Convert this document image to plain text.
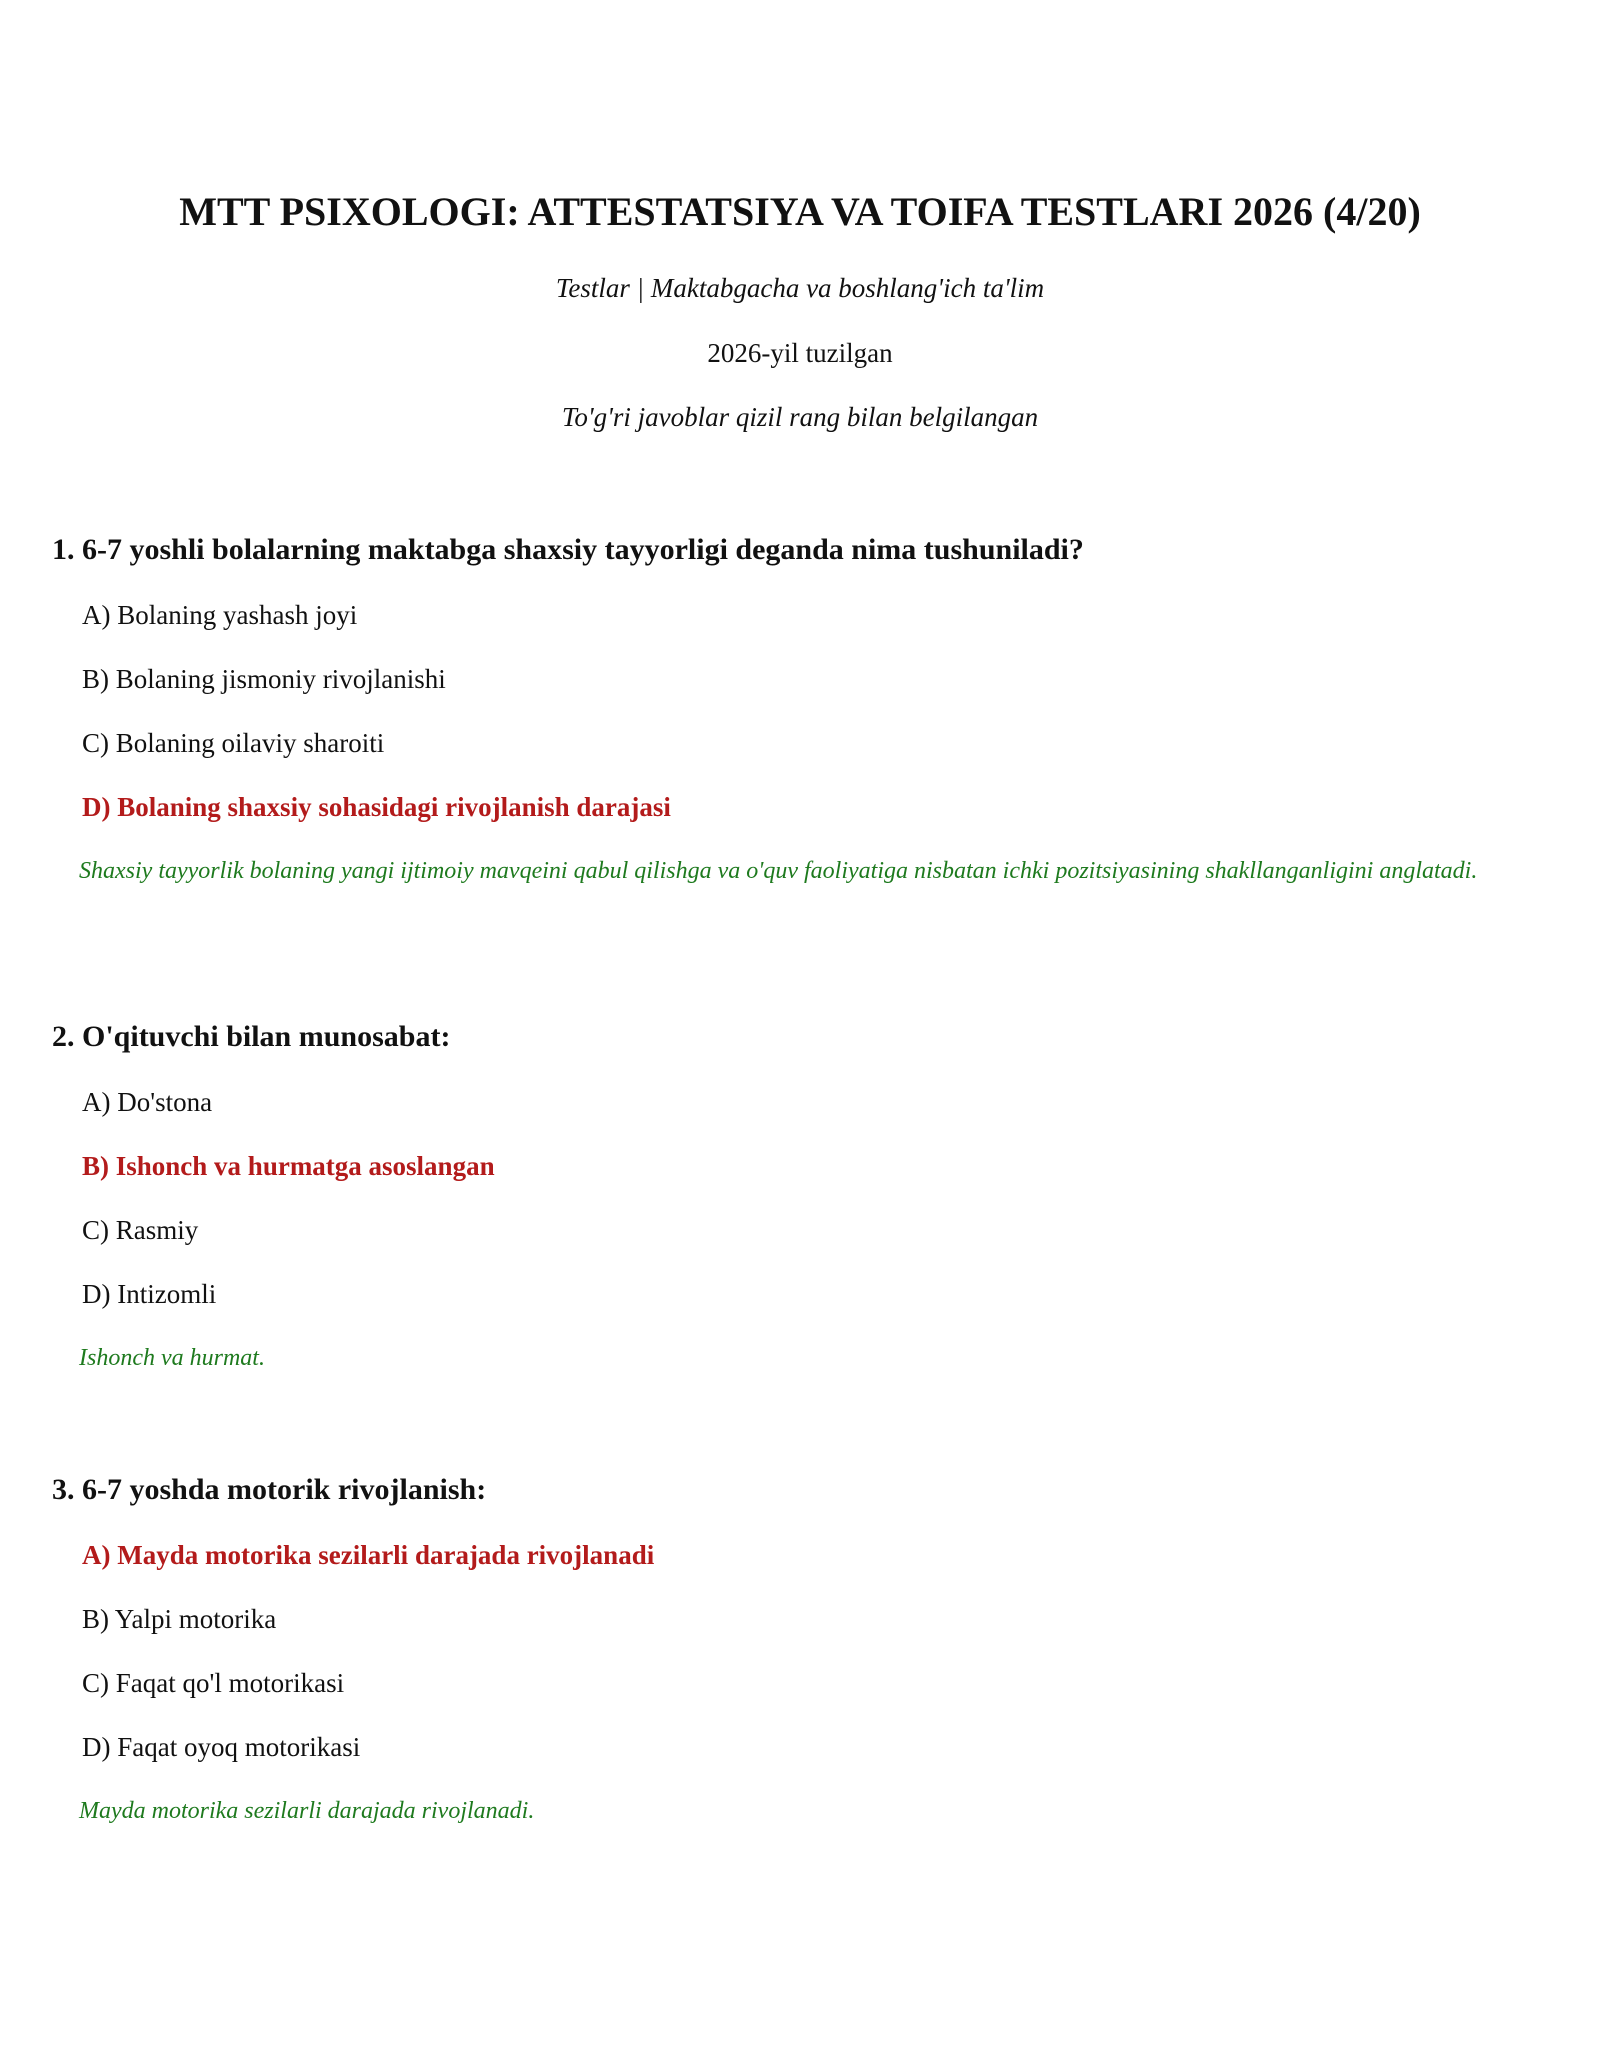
MTT PSIXOLOGI: ATTESTATSIYA VA TOIFA TESTLARI 2026 (4/20)

Testlar | Maktabgacha va boshlang'ich ta'lim

2026-yil tuzilgan

To'g'ri javoblar qizil rang bilan belgilangan

1. 6-7 yoshli bolalarning maktabga shaxsiy tayyorligi deganda nima tushuniladi?

A) Bolaning yashash joyi

B) Bolaning jismoniy rivojlanishi

C) Bolaning oilaviy sharoiti

D) Bolaning shaxsiy sohasidagi rivojlanish darajasi

Shaxsiy tayyorlik bolaning yangi ijtimoiy mavqeini qabul qilishga va o'quv faoliyatiga nisbatan ichki pozitsiyasining shakllanganligini anglatadi.

2. O'qituvchi bilan munosabat:

A) Do'stona

B) Ishonch va hurmatga asoslangan

C) Rasmiy

D) Intizomli

Ishonch va hurmat.

3. 6-7 yoshda motorik rivojlanish:

A) Mayda motorika sezilarli darajada rivojlanadi

B) Yalpi motorika

C) Faqat qo'l motorikasi

D) Faqat oyoq motorikasi

Mayda motorika sezilarli darajada rivojlanadi.
